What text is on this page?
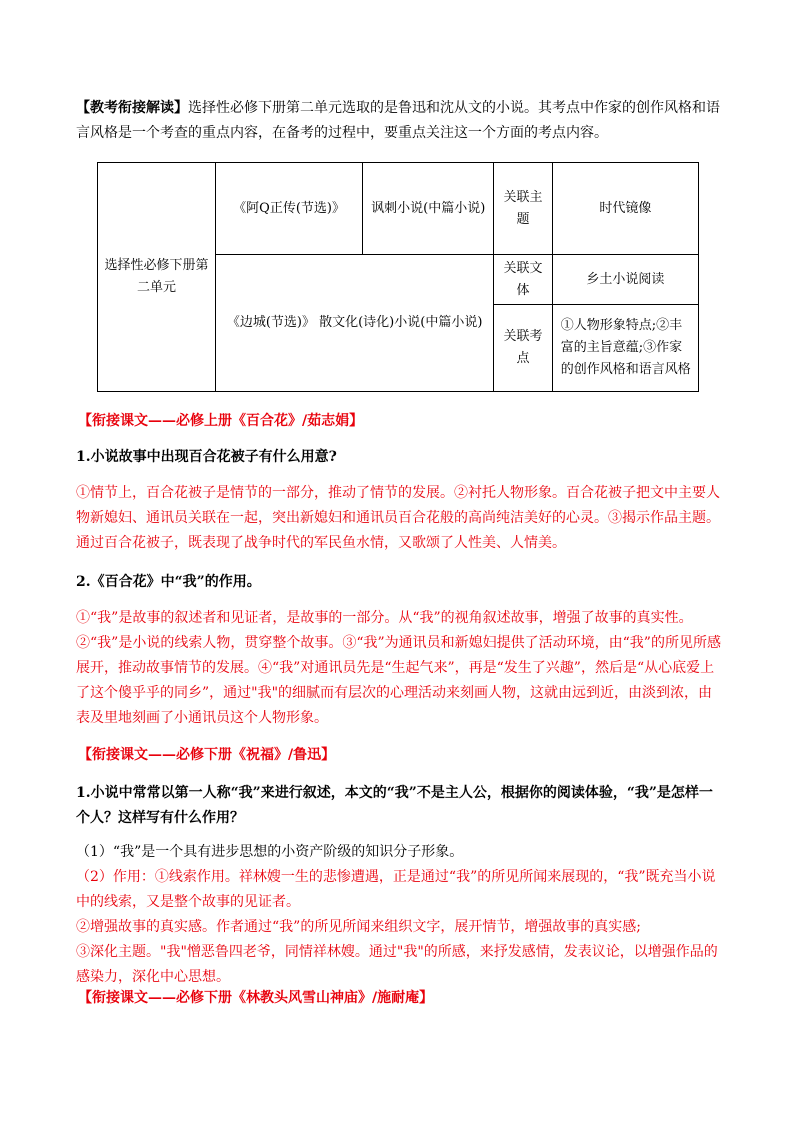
【教考衔接解读】选择性必修下册第二单元选取的是鲁迅和沈从文的小说。其考点中作家的创作风格和语言风格是一个考查的重点内容，在备考的过程中，要重点关注这一个方面的考点内容。
选择性必修下册第二单元	《阿Q正传(节选)》	讽刺小说(中篇小说)	关联主题	时代镜像
	《边城(节选)》 散文化(诗化)小说(中篇小说)		关联文体	乡土小说阅读
			关联考点	①人物形象特点;②丰富的主旨意蕴;③作家的创作风格和语言风格
【衔接课文——必修上册《百合花》/茹志娟】
1.小说故事中出现百合花被子有什么用意?
①情节上，百合花被子是情节的一部分，推动了情节的发展。②衬托人物形象。百合花被子把文中主要人物新媳妇、通讯员关联在一起，突出新媳妇和通讯员百合花般的高尚纯洁美好的心灵。③揭示作品主题。通过百合花被子，既表现了战争时代的军民鱼水情，又歌颂了人性美、人情美。
2.《百合花》中“我”的作用。
①“我”是故事的叙述者和见证者，是故事的一部分。从“我”的视角叙述故事，增强了故事的真实性。②“我”是小说的线索人物，贯穿整个故事。③“我”为通讯员和新媳妇提供了活动环境，由“我”的所见所感展开，推动故事情节的发展。④“我”对通讯员先是“生起气来”，再是“发生了兴趣”，然后是“从心底爱上了这个傻乎乎的同乡”，通过"我"的细腻而有层次的心理活动来刻画人物，这就由远到近，由淡到浓，由表及里地刻画了小通讯员这个人物形象。
【衔接课文——必修下册《祝福》/鲁迅】
1.小说中常常以第一人称“我”来进行叙述，本文的“我”不是主人公，根据你的阅读体验，“我”是怎样一个人？这样写有什么作用？

（1）“我”是一个具有进步思想的小资产阶级的知识分子形象。

（2）作用：①线索作用。祥林嫂一生的悲惨遭遇，正是通过“我”的所见所闻来展现的，“我”既充当小说中的线索，又是整个故事的见证者。

②增强故事的真实感。作者通过“我”的所见所闻来组织文字，展开情节，增强故事的真实感;

③深化主题。"我"憎恶鲁四老爷，同情祥林嫂。通过"我"的所感，来抒发感情，发表议论，以增强作品的感染力，深化中心思想。

【衔接课文——必修下册《林教头风雪山神庙》/施耐庵】
